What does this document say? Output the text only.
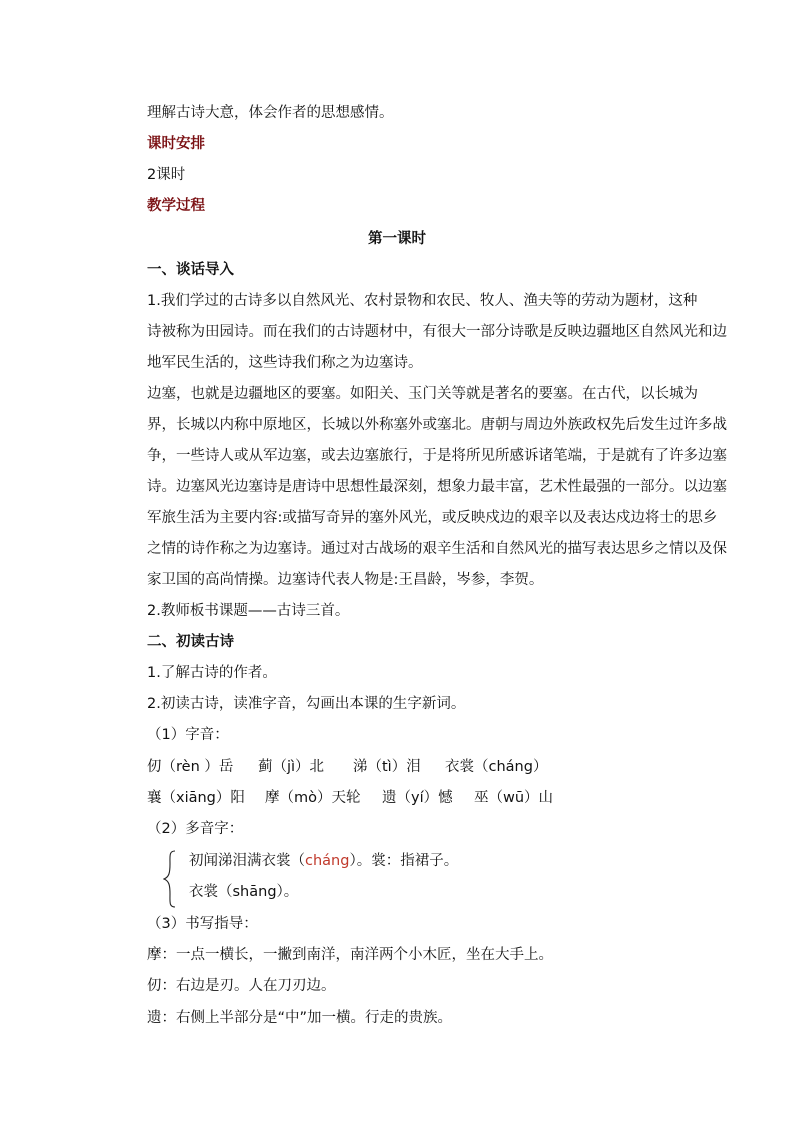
理解古诗大意，体会作者的思想感情。
课时安排
2课时
教学过程
第一课时
一、谈话导入
1.我们学过的古诗多以自然风光、农村景物和农民、牧人、渔夫等的劳动为题材，这种
诗被称为田园诗。而在我们的古诗题材中，有很大一部分诗歌是反映边疆地区自然风光和边
地军民生活的，这些诗我们称之为边塞诗。
边塞，也就是边疆地区的要塞。如阳关、玉门关等就是著名的要塞。在古代，以长城为
界，长城以内称中原地区，长城以外称塞外或塞北。唐朝与周边外族政权先后发生过许多战
争，一些诗人或从军边塞，或去边塞旅行，于是将所见所感诉诸笔端，于是就有了许多边塞
诗。边塞风光边塞诗是唐诗中思想性最深刻，想象力最丰富，艺术性最强的一部分。以边塞
军旅生活为主要内容:或描写奇异的塞外风光，或反映戍边的艰辛以及表达戍边将士的思乡
之情的诗作称之为边塞诗。通过对古战场的艰辛生活和自然风光的描写表达思乡之情以及保
家卫国的高尚情操。边塞诗代表人物是:王昌龄，岑参，李贺。
2.教师板书课题——古诗三首。
二、初读古诗
1.了解古诗的作者。
2.初读古诗，读准字音，勾画出本课的生字新词。
（1）字音：
仞（rèn ）岳 蓟（jì）北 涕（tì）泪 衣裳（cháng）
襄（xiāng）阳 摩（mò）天轮 遗（yí）憾 巫（wū）山
（2）多音字：
初闻涕泪满衣裳（cháng）。裳：指裙子。
衣裳（shāng）。
（3）书写指导：
摩：一点一横长，一撇到南洋，南洋两个小木匠，坐在大手上。
仞：右边是刃。人在刀刃边。
遗：右侧上半部分是“中”加一横。行走的贵族。
